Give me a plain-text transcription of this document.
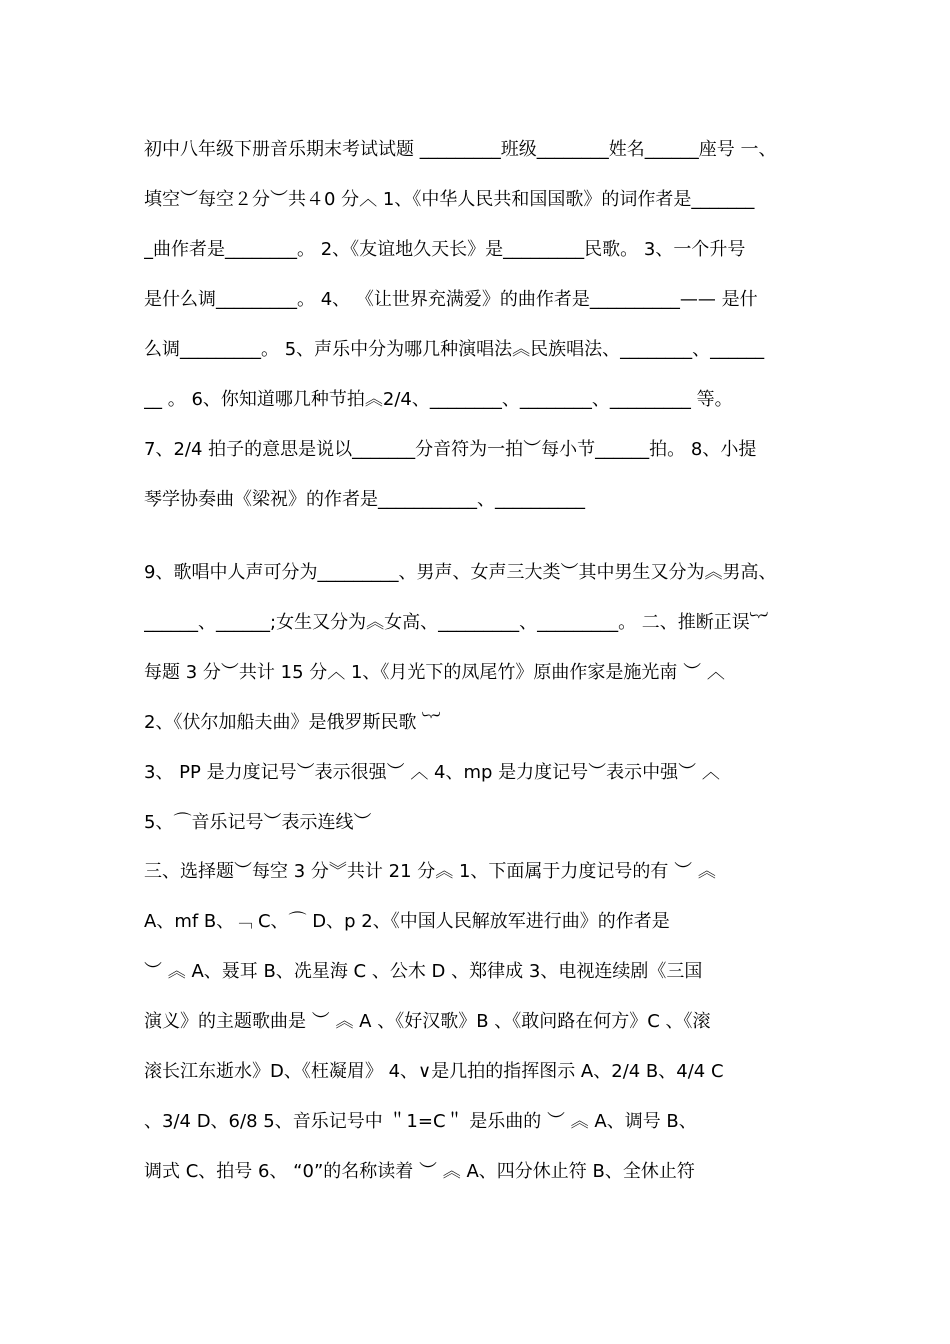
初中八年级下册音乐期末考试试题 _________班级________姓名______座号 一、
填空︶每空２分︶共４0 分︿ 1、《中华人民共和国国歌》的词作者是_______
_曲作者是________。 2、《友谊地久天长》是_________民歌。 3、一个升号
是什么调_________。 4、 《让世界充满爱》的曲作者是__________—— 是什
么调_________。 5、声乐中分为哪几种演唱法︽民族唱法、________、______
__ 。 6、你知道哪几种节拍︽2/4、________、________、_________ 等。
7、2/4 拍子的意思是说以_______分音符为一拍︶每小节______拍。 8、小提
琴学协奏曲《梁祝》的作者是___________、__________
9、歌唱中人声可分为_________、男声、女声三大类︶其中男生又分为︽男高、
______、______;女生又分为︽女高、_________、_________。 二、推断正误︸
每题 3 分︶共计 15 分︿ 1、《月光下的凤尾竹》原曲作家是施光南 ︶ ︿
2、《伏尔加船夫曲》是俄罗斯民歌 ︸
3、 PP 是力度记号︶表示很强︶ ︿ 4、mp 是力度记号︶表示中强︶ ︿
5、⌒音乐记号︶表示连线︶
三、选择题︶每空 3 分︾共计 21 分︽ 1、下面属于力度记号的有 ︶ ︽
A、mf B、﹁ C、⌒ D、p 2、《中国人民解放军进行曲》的作者是
︶ ︽ A、聂耳 B、冼星海 C 、公木 D 、郑律成 3、电视连续剧《三国
演义》的主题歌曲是 ︶ ︽ A 、《好汉歌》B 、《敢问路在何方》C 、《滚
滚长江东逝水》D、《枉凝眉》 4、∨是几拍的指挥图示 A、2/4 B、4/4 C
、3/4 D、6/8 5、音乐记号中 ＂1=C＂ 是乐曲的 ︶ ︽ A、调号 B、
调式 C、拍号 6、 “0”的名称读着 ︶ ︽ A、四分休止符 B、全休止符
